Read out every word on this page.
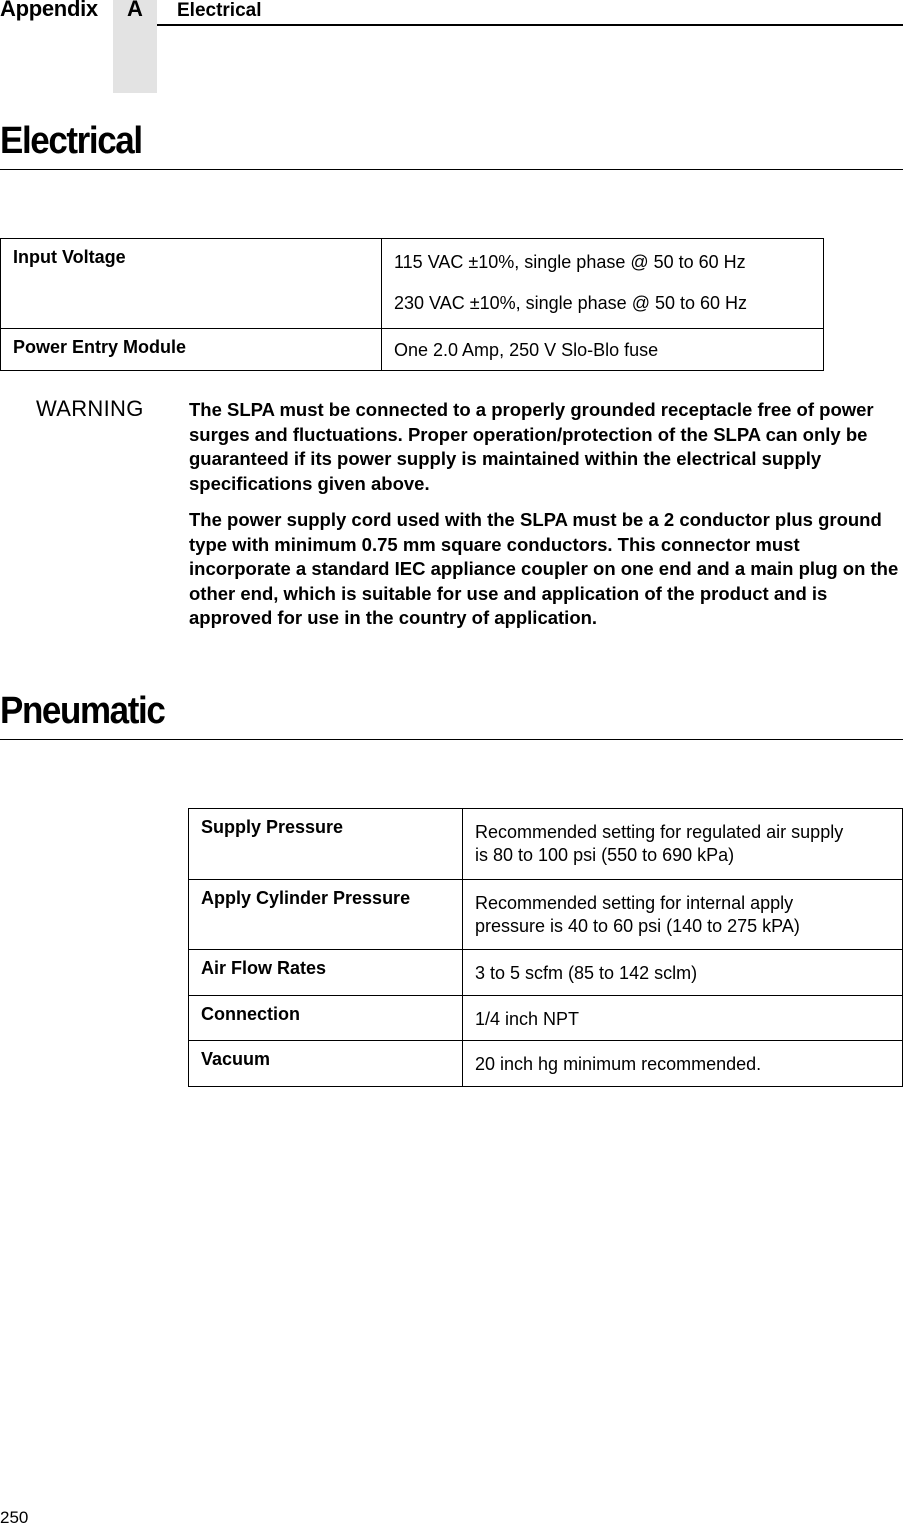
Appendix	A	Electrical
Electrical
Input Voltage	115 VAC ±10%, single phase @ 50 to 60 Hz
230 VAC ±10%, single phase @ 50 to 60 Hz

Power Entry Module	One 2.0 Amp, 250 V Slo-Blo fuse
WARNING The SLPA must be connected to a properly grounded receptacle free of power surges and fluctuations. Proper operation/protection of the SLPA can only be guaranteed if its power supply is maintained within the electrical supply specifications given above.

The power supply cord used with the SLPA must be a 2 conductor plus ground type with minimum 0.75 mm square conductors. This connector must incorporate a standard IEC appliance coupler on one end and a main plug on the other end, which is suitable for use and application of the product and is approved for use in the country of application.

Pneumatic
Supply Pressure	Recommended setting for regulated air supply is 80 to 100 psi (550 to 690 kPa)
Apply Cylinder Pressure	Recommended setting for internal apply pressure is 40 to 60 psi (140 to 275 kPA)
Air Flow Rates	3 to 5 scfm (85 to 142 sclm)
Connection	1/4 inch NPT
Vacuum	20 inch hg minimum recommended.
250
